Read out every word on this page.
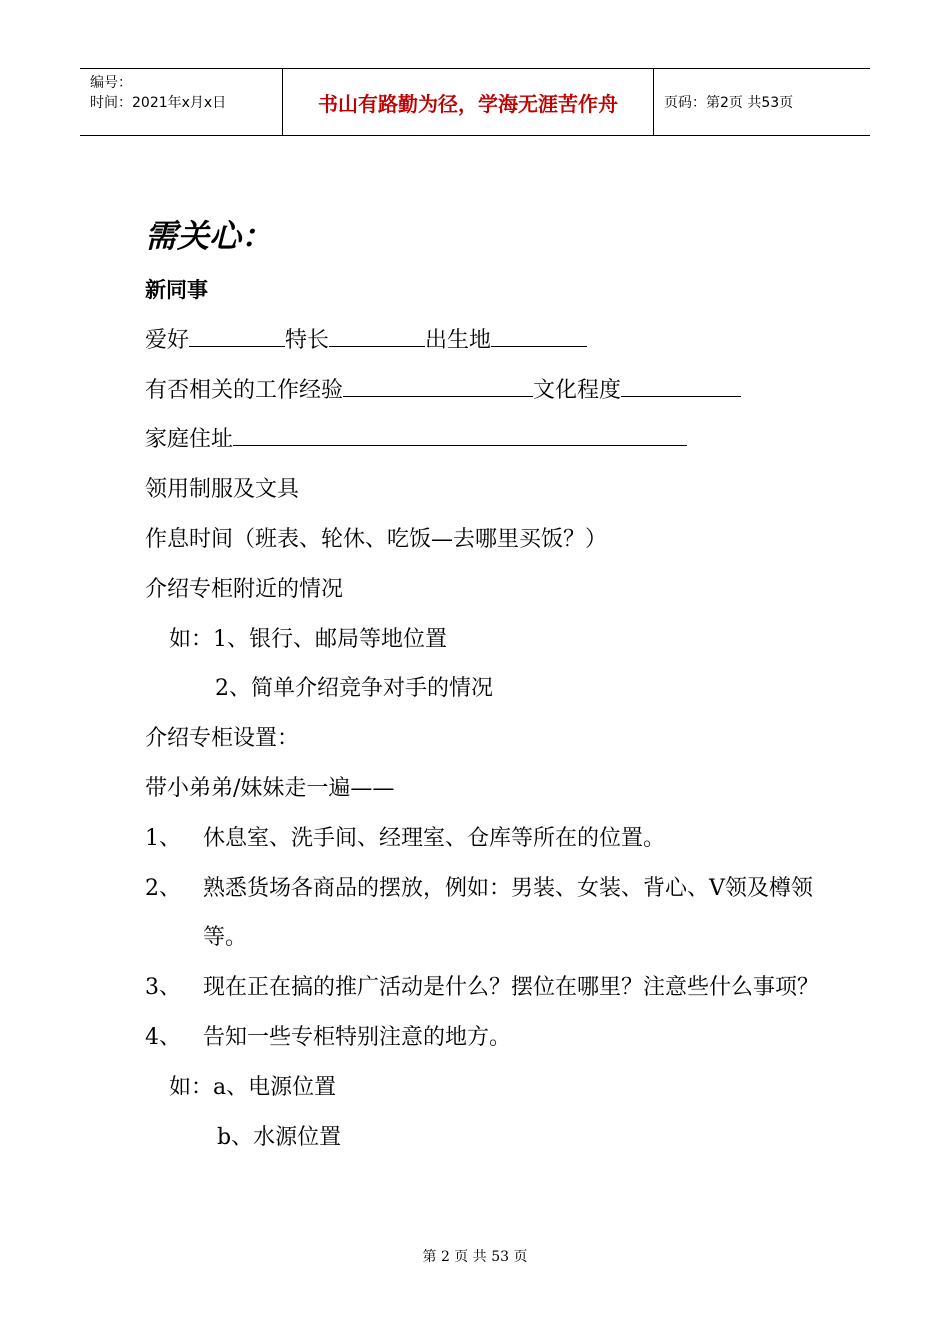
编号：
时间：2021年x月x日	书山有路勤为径，学海无涯苦作舟	页码：第2页 共53页
需关心：
新同事
爱好	特长	出生地
有否相关的工作经验	文化程度
家庭住址
领用制服及文具
作息时间（班表、轮休、吃饭—去哪里买饭？）
介绍专柜附近的情况
如：1、银行、邮局等地位置
2、简单介绍竞争对手的情况
介绍专柜设置：
带小弟弟/妹妹走一遍——
1、	休息室、洗手间、经理室、仓库等所在的位置。
2、	熟悉货场各商品的摆放，例如：男装、女装、背心、V领及樽领等。
3、	现在正在搞的推广活动是什么？摆位在哪里？注意些什么事项？
4、	告知一些专柜特别注意的地方。
如：a、电源位置
b、水源位置
第 2 页 共 53 页
